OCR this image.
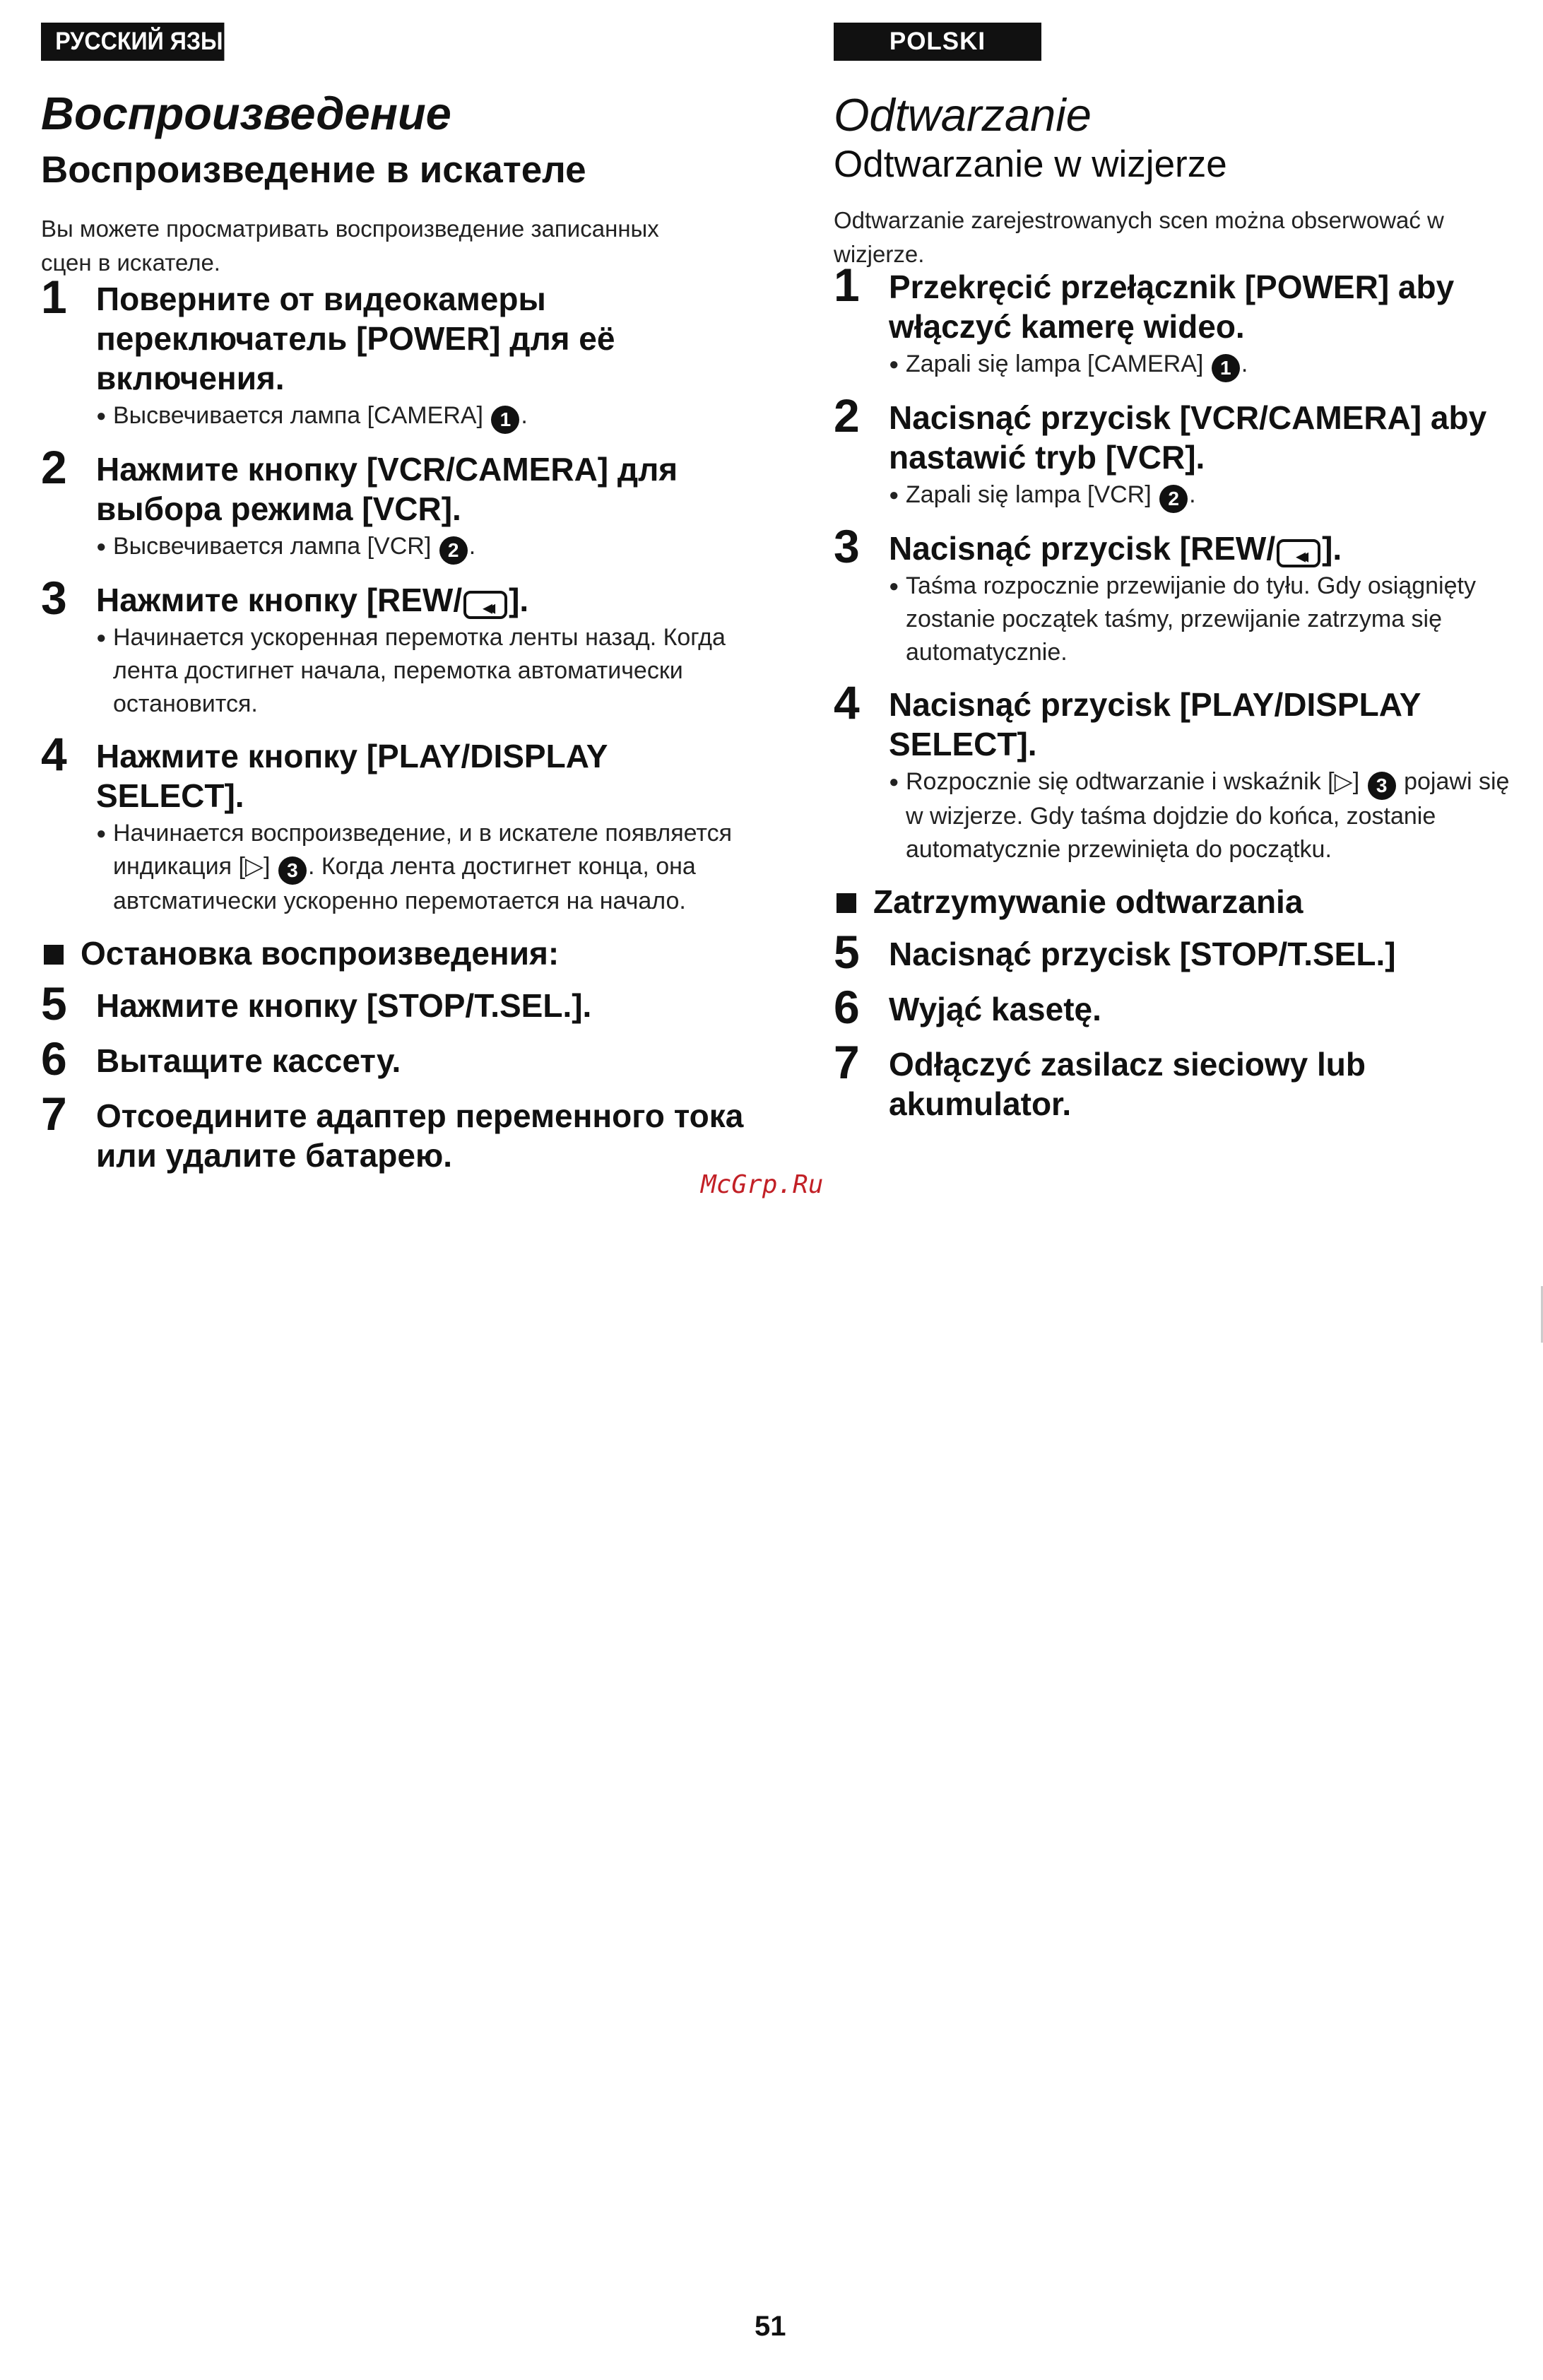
РУССКИЙ ЯЗЫК
Воспроизведение
Воспроизведение в искателе

Вы можете просматривать воспроизведение записанных сцен в искателе.

1 Поверните от видеокамеры переключатель [POWER] для её включения.
● Высвечивается лампа [CAMERA] 1 .
2 Нажмите кнопку [VCR/CAMERA] для выбора режима [VCR].
● Высвечивается лампа [VCR] 2 .
3 Нажмите кнопку [REW/ ◂◂ ].
● Начинается ускоренная перемотка ленты назад. Когда лента достигнет начала, перемотка автоматически остановится.
4 Нажмите кнопку [PLAY/DISPLAY SELECT].
● Начинается воспроизведение, и в искателе появляется индикация [▷] 3 . Когда лента достигнет конца, она автсматически ускоренно перемотается на начало.
Остановка воспроизведения:
5 Нажмите кнопку [STOP/T.SEL.].
6 Вытащите кассету.
7 Отсоедините адаптер переменного тока или удалите батарею.
POLSKI
Odtwarzanie
Odtwarzanie w wizjerze

Odtwarzanie zarejestrowanych scen można obserwować w wizjerze.

1 Przekręcić przełącznik [POWER] aby włączyć kamerę wideo.
● Zapali się lampa [CAMERA] 1 .
2 Nacisnąć przycisk [VCR/CAMERA] aby nastawić tryb [VCR].
● Zapali się lampa [VCR] 2 .
3 Nacisnąć przycisk [REW/ ◂◂ ].
● Taśma rozpocznie przewijanie do tyłu. Gdy osiągnięty zostanie początek taśmy, przewijanie zatrzyma się automatycznie.
4 Nacisnąć przycisk [PLAY/DISPLAY SELECT].
● Rozpocznie się odtwarzanie i wskaźnik [▷] 3 pojawi się w wizjerze. Gdy taśma dojdzie do końca, zostanie automatycznie przewinięta do początku.
Zatrzymywanie odtwarzania
5 Nacisnąć przycisk [STOP/T.SEL.]
6 Wyjąć kasetę.
7 Odłączyć zasilacz sieciowy lub akumulator.
McGrp.Ru
51
